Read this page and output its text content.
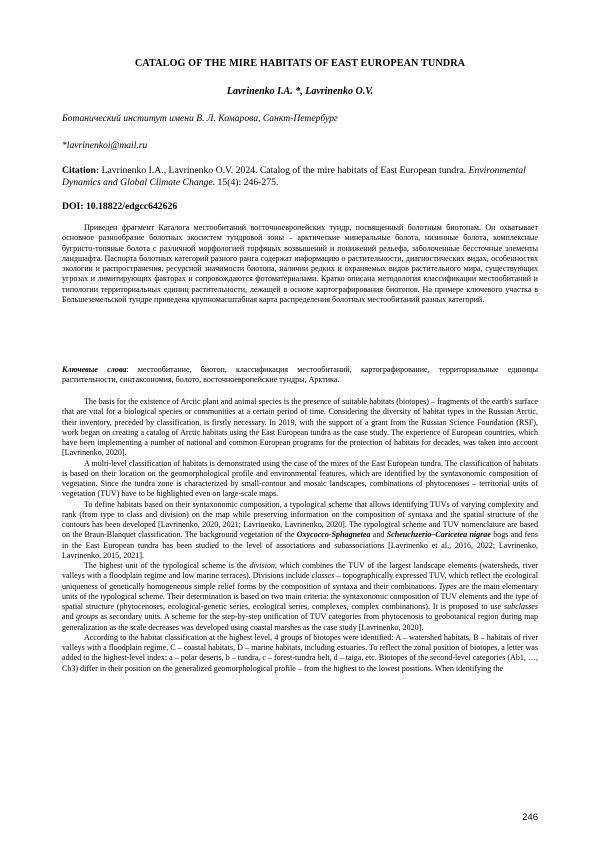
CATALOG OF THE MIRE HABITATS OF EAST EUROPEAN TUNDRA
Lavrinenko I.A. *, Lavrinenko O.V.
Ботанический институт имени В. Л. Комарова, Санкт-Петербург
*lavrinenkoi@mail.ru
Citation: Lavrinenko I.A., Lavrinenko O.V. 2024. Catalog of the mire habitats of East European tundra. Environmental Dynamics and Global Climate Change. 15(4): 246-275.
DOI: 10.18822/edgcc642626
Приведен фрагмент Каталога местообитаний восточноевропейских тундр, посвященный болотным биотопам. Он охватывает основное разнообразие болотных экосистем тундровой зоны – арктические минеральные болота, низинные болота, комплексные бугристо-топяные болота с различной морфологией торфяных возвышений и понижений рельефа, заболоченные бессточные элементы ландшафта. Паспорта болотных категорий разного ранга содержат информацию о растительности, диагностических видах, особенностях экологии и распространения, ресурсной значимости биотопа, наличии редких и охраняемых видов растительного мира, существующих угрозах и лимитирующих факторах и сопровождаются фотоматериалами. Кратко описана методология классификации местообитаний и типологии территориальных единиц растительности, лежащей в основе картографирования биотопов. На примере ключевого участка в Большеземельской тундре приведена крупномасштабная карта распределения болотных местообитаний разных категорий.
Ключевые слова: местообитание, биотоп, классификация местообитаний, картографирование, территориальные единицы растительности, синтаксономия, болото, восточноевропейские тундры, Арктика.

The basis for the existence of Arctic plant and animal species is the presence of suitable habitats (biotopes) – fragments of the earth's surface that are vital for a biological species or communities at a certain period of time. Considering the diversity of habitat types in the Russian Arctic, their inventory, preceded by classification, is firstly necessary. In 2019, with the support of a grant from the Russian Science Foundation (RSF), work began on creating a catalog of Arctic habitats using the East European tundra as the case study. The experience of European countries, which have been implementing a number of national and common European programs for the protection of habitats for decades, was taken into account [Lavrinenko, 2020].

A multi-level classification of habitats is demonstrated using the case of the mires of the East European tundra. The classification of habitats is based on their location on the geomorphological profile and environmental features, which are identified by the syntaxonomic composition of vegetation. Since the tundra zone is characterized by small-contour and mosaic landscapes, combinations of phytocenoses – territorial units of vegetation (TUV) have to be highlighted even on large-scale maps.

To define habitats based on their syntaxonomic composition, a typological scheme that allows identifying TUVs of varying complexity and rank (from type to class and division) on the map while preserving information on the composition of syntaxa and the spatial structure of the contours has been developed [Lavrinenko, 2020, 2021; Lavrinenko, Lavrinenko, 2020]. The typological scheme and TUV nomenclature are based on the Braun-Blanquet classification. The background vegetation of the Oxycocco-Sphagnetea and Scheuchzerio–Caricetea nigrae bogs and fens in the East European tundra has been studied to the level of associations and subassociations [Lavrinenko et al., 2016, 2022; Lavrinenko, Lavrinenko, 2015, 2021].

The highest unit of the typological scheme is the division, which combines the TUV of the largest landscape elements (watersheds, river valleys with a floodplain regime and low marine terraces). Divisions include classes – topographically expressed TUV, which reflect the ecological uniqueness of genetically homogeneous simple relief forms by the composition of syntaxa and their combinations. Types are the main elementary units of the typological scheme. Their determination is based on two main criteria: the syntaxonomic composition of TUV elements and the type of spatial structure (phytocenoses, ecological-genetic series, ecological series, complexes, complex combinations). It is proposed to use subclasses and groups as secondary units. A scheme for the step-by-step unification of TUV categories from phytocenosis to geobotanical region during map generalization as the scale decreases was developed using coastal marshes as the case study [Lavrinenko, 2020].

According to the habitat classification at the highest level, 4 groups of biotopes were identified: A – watershed habitats, B – habitats of river valleys with a floodplain regime, C – coastal habitats, D – marine habitats, including estuaries. To reflect the zonal position of biotopes, a letter was added to the highest-level index: a – polar deserts, b – tundra, c – forest-tundra belt, d – taiga, etc. Biotopes of the second-level categories (Ab1, …, Cb3) differ in their position on the generalized geomorphological profile – from the highest to the lowest positions. When identifying the

246
